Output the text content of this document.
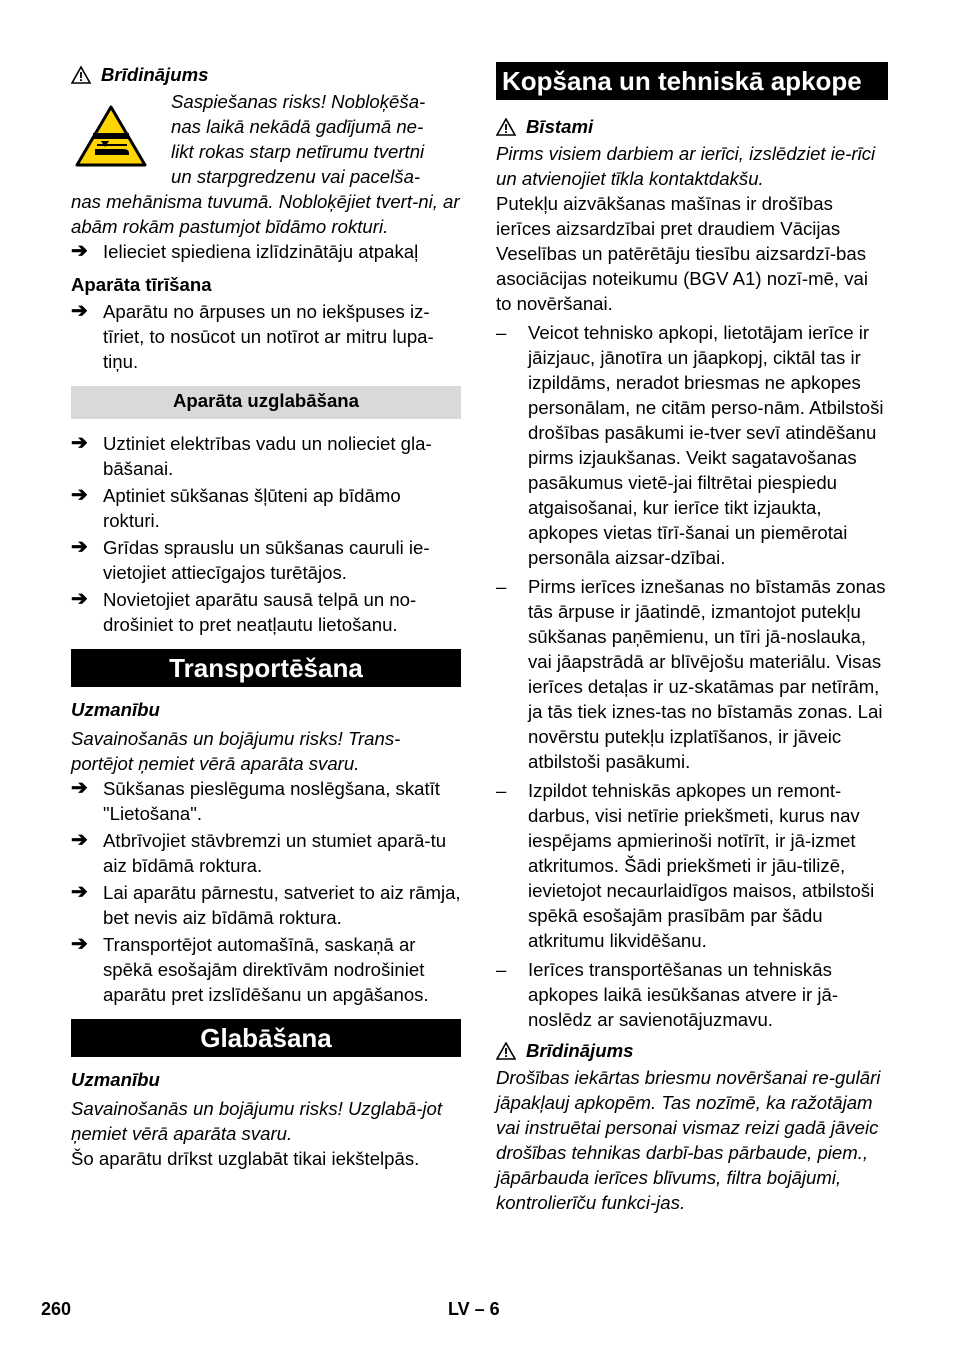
Brīdinājums
Saspiešanas risks! Nobloķēša-
nas laikā nekādā gadījumā ne-
likt rokas starp netīrumu tvertni
un starpgredzenu vai pacelša-

nas mehānisma tuvumā. Nobloķējiet tvert-ni, ar abām rokām pastumjot bīdāmo rokturi.

➔ Ielieciet spiediena izlīdzinātāju atpakaļ
Aparāta tīrīšana
➔ Aparātu no ārpuses un no iekšpuses iz-tīriet, to nosūcot un notīrot ar mitru lupa-tiņu.
Aparāta uzglabāšana
➔ Uztiniet elektrības vadu un nolieciet gla-bāšanai.
➔ Aptiniet sūkšanas šļūteni ap bīdāmo rokturi.
➔ Grīdas sprauslu un sūkšanas cauruli ie-vietojiet attiecīgajos turētājos.
➔ Novietojiet aparātu sausā telpā un no-drošiniet to pret neatļautu lietošanu.
Transportēšana
Uzmanību

Savainošanās un bojājumu risks! Trans-portējot ņemiet vērā aparāta svaru.

➔ Sūkšanas pieslēguma noslēgšana, skatīt "Lietošana".
➔ Atbrīvojiet stāvbremzi un stumiet aparā-tu aiz bīdāmā roktura.
➔ Lai aparātu pārnestu, satveriet to aiz rāmja, bet nevis aiz bīdāmā roktura.
➔ Transportējot automašīnā, saskaņā ar spēkā esošajām direktīvām nodrošiniet aparātu pret izslīdēšanu un apgāšanos.
Glabāšana
Uzmanību

Savainošanās un bojājumu risks! Uzglabā-jot ņemiet vērā aparāta svaru.

Šo aparātu drīkst uzglabāt tikai iekštelpās.

Kopšana un tehniskā apkope
Bīstami

Pirms visiem darbiem ar ierīci, izslēdziet ie-rīci un atvienojiet tīkla kontaktdakšu.

Putekļu aizvākšanas mašīnas ir drošības ierīces aizsardzībai pret draudiem Vācijas Veselības un patērētāju tiesību aizsardzī-bas asociācijas noteikumu (BGV A1) nozī-mē, vai to novēršanai.

–	Veicot tehnisko apkopi, lietotājam ierīce ir jāizjauc, jānotīra un jāapkopj, ciktāl tas ir izpildāms, neradot briesmas ne apkopes personālam, ne citām perso-nām. Atbilstoši drošības pasākumi ie-tver sevī atindēšanu pirms izjaukšanas. Veikt sagatavošanas pasākumus vietē-jai filtrētai piespiedu atgaisošanai, kur ierīce tikt izjaukta, apkopes vietas tīrī-šanai un piemērotai personāla aizsar-dzībai.
–	Pirms ierīces iznešanas no bīstamās zonas tās ārpuse ir jāatindē, izmantojot putekļu sūkšanas paņēmienu, un tīri jā-noslauka, vai jāapstrādā ar blīvējošu materiālu. Visas ierīces detaļas ir uz-skatāmas par netīrām, ja tās tiek iznes-tas no bīstamās zonas. Lai novērstu putekļu izplatīšanos, ir jāveic atbilstoši pasākumi.
–	Izpildot tehniskās apkopes un remont-darbus, visi netīrie priekšmeti, kurus nav iespējams apmierinoši notīrīt, ir jā-izmet atkritumos. Šādi priekšmeti ir jāu-tilizē, ievietojot necaurlaidīgos maisos, atbilstoši spēkā esošajām prasībām par šādu atkritumu likvidēšanu.
–	Ierīces transportēšanas un tehniskās apkopes laikā iesūkšanas atvere ir jā-noslēdz ar savienotājuzmavu.
Brīdinājums

Drošības iekārtas briesmu novēršanai re-gulāri jāpakļauj apkopēm. Tas nozīmē, ka ražotājam vai instruētai personai vismaz reizi gadā jāveic drošības tehnikas darbī-bas pārbaude, piem., jāpārbauda ierīces blīvums, filtra bojājumi, kontrolierīču funkci-jas.

260	LV – 6
